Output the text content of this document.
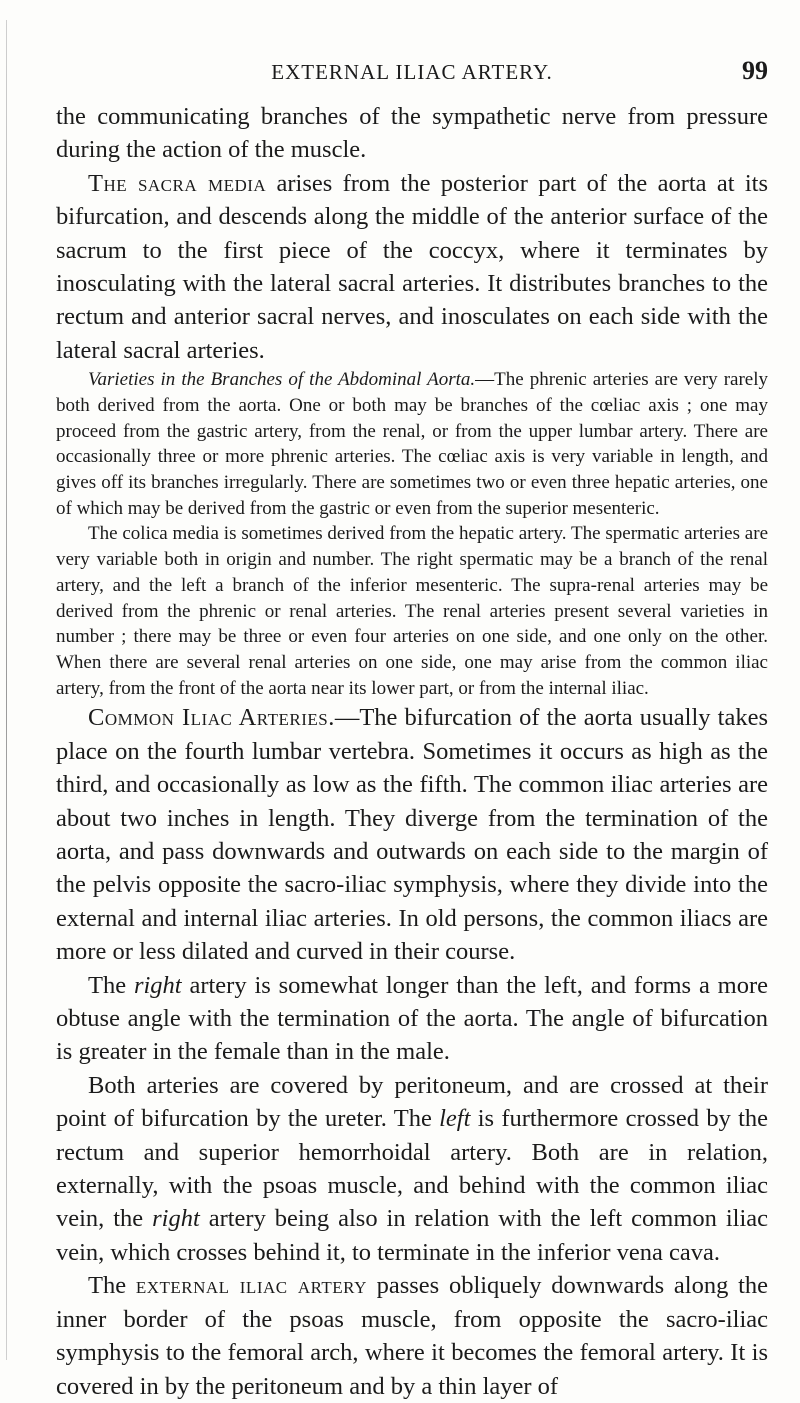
EXTERNAL ILIAC ARTERY.	99

the communicating branches of the sympathetic nerve from pressure during the action of the muscle.

The sacra media arises from the posterior part of the aorta at its bifurcation, and descends along the middle of the anterior surface of the sacrum to the first piece of the coccyx, where it terminates by inosculating with the lateral sacral arteries. It distributes branches to the rectum and anterior sacral nerves, and inosculates on each side with the lateral sacral arteries.

Varieties in the Branches of the Abdominal Aorta.—The phrenic arteries are very rarely both derived from the aorta. One or both may be branches of the cœliac axis ; one may proceed from the gastric artery, from the renal, or from the upper lumbar artery. There are occasionally three or more phrenic arteries. The cœliac axis is very variable in length, and gives off its branches irregularly. There are sometimes two or even three hepatic arteries, one of which may be derived from the gastric or even from the superior mesenteric.

The colica media is sometimes derived from the hepatic artery. The spermatic arteries are very variable both in origin and number. The right spermatic may be a branch of the renal artery, and the left a branch of the inferior mesenteric. The supra-renal arteries may be derived from the phrenic or renal arteries. The renal arteries present several varieties in number ; there may be three or even four arteries on one side, and one only on the other. When there are several renal arteries on one side, one may arise from the common iliac artery, from the front of the aorta near its lower part, or from the internal iliac.

Common Iliac Arteries.—The bifurcation of the aorta usually takes place on the fourth lumbar vertebra. Sometimes it occurs as high as the third, and occasionally as low as the fifth. The common iliac arteries are about two inches in length. They diverge from the termination of the aorta, and pass downwards and outwards on each side to the margin of the pelvis opposite the sacro-iliac symphysis, where they divide into the external and internal iliac arteries. In old persons, the common iliacs are more or less dilated and curved in their course.

The right artery is somewhat longer than the left, and forms a more obtuse angle with the termination of the aorta. The angle of bifurcation is greater in the female than in the male.

Both arteries are covered by peritoneum, and are crossed at their point of bifurcation by the ureter. The left is furthermore crossed by the rectum and superior hemorrhoidal artery. Both are in relation, externally, with the psoas muscle, and behind with the common iliac vein, the right artery being also in relation with the left common iliac vein, which crosses behind it, to terminate in the inferior vena cava.

The external iliac artery passes obliquely downwards along the inner border of the psoas muscle, from opposite the sacro-iliac symphysis to the femoral arch, where it becomes the femoral artery. It is covered in by the peritoneum and by a thin layer of
